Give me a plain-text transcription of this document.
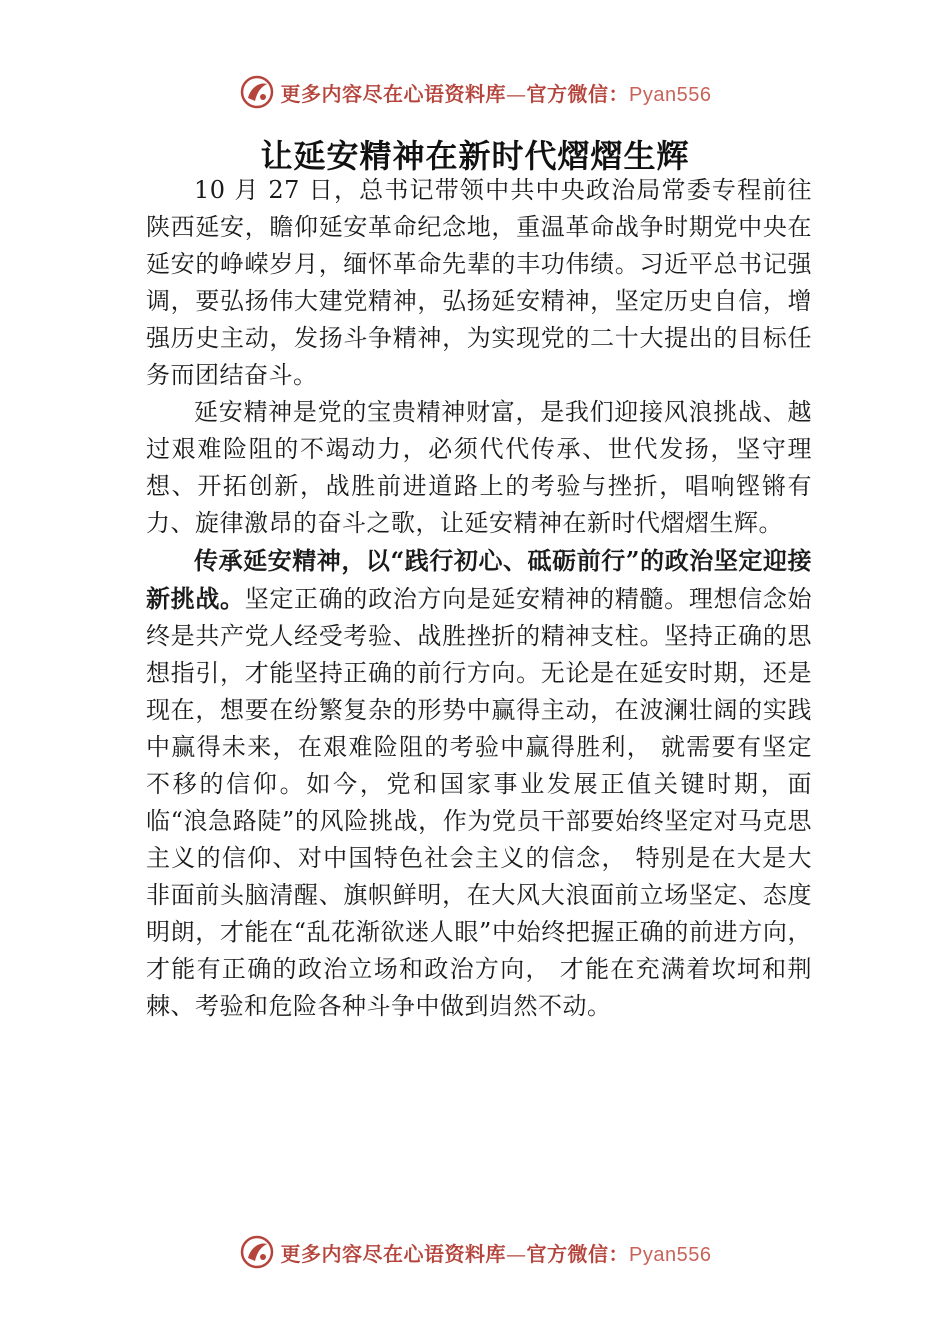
更多内容尽在心语资料库—官方微信：Pyan556
让延安精神在新时代熠熠生辉

10 月 27 日，总书记带领中共中央政治局常委专程前往陕西延安，瞻仰延安革命纪念地，重温革命战争时期党中央在延安的峥嵘岁月，缅怀革命先辈的丰功伟绩。习近平总书记强调，要弘扬伟大建党精神，弘扬延安精神，坚定历史自信，增强历史主动，发扬斗争精神，为实现党的二十大提出的目标任务而团结奋斗。

延安精神是党的宝贵精神财富，是我们迎接风浪挑战、越过艰难险阻的不竭动力，必须代代传承、世代发扬，坚守理想、开拓创新，战胜前进道路上的考验与挫折，唱响铿锵有力、旋律激昂的奋斗之歌，让延安精神在新时代熠熠生辉。

传承延安精神，以“践行初心、砥砺前行”的政治坚定迎接新挑战。坚定正确的政治方向是延安精神的精髓。理想信念始终是共产党人经受考验、战胜挫折的精神支柱。坚持正确的思想指引，才能坚持正确的前行方向。无论是在延安时期，还是现在，想要在纷繁复杂的形势中赢得主动，在波澜壮阔的实践中赢得未来，在艰难险阻的考验中赢得胜利， 就需要有坚定不移的信仰。如今，党和国家事业发展正值关键时期，面临“浪急路陡”的风险挑战，作为党员干部要始终坚定对马克思主义的信仰、对中国特色社会主义的信念， 特别是在大是大非面前头脑清醒、旗帜鲜明，在大风大浪面前立场坚定、态度明朗，才能在“乱花渐欲迷人眼”中始终把握正确的前进方向，才能有正确的政治立场和政治方向， 才能在充满着坎坷和荆棘、考验和危险各种斗争中做到岿然不动。

更多内容尽在心语资料库—官方微信：Pyan556
